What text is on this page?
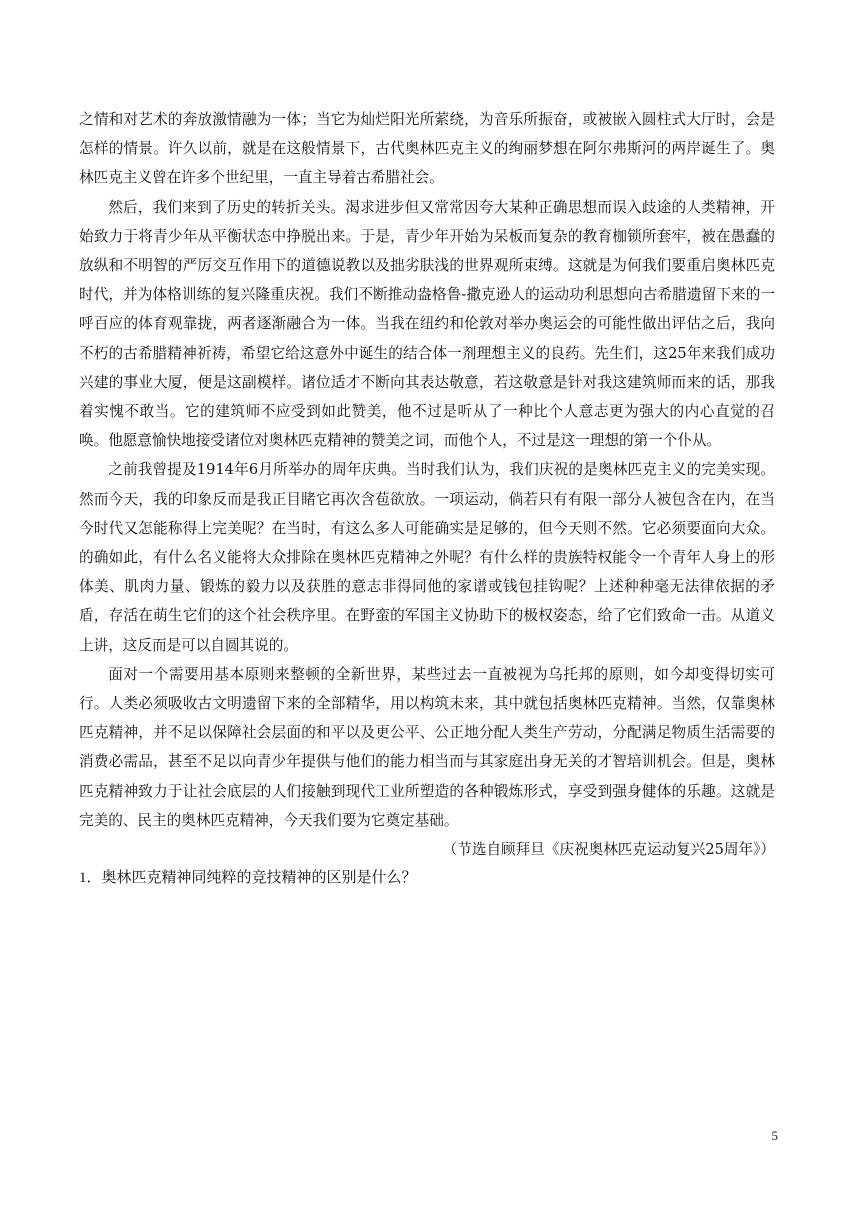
之情和对艺术的奔放激情融为一体；当它为灿烂阳光所萦绕，为音乐所振奋，或被嵌入圆柱式大厅时，会是怎样的情景。许久以前，就是在这般情景下，古代奥林匹克主义的绚丽梦想在阿尔弗斯河的两岸诞生了。奥林匹克主义曾在许多个世纪里，一直主导着古希腊社会。

然后，我们来到了历史的转折关头。渴求进步但又常常因夸大某种正确思想而误入歧途的人类精神，开始致力于将青少年从平衡状态中挣脱出来。于是，青少年开始为呆板而复杂的教育枷锁所套牢，被在愚蠢的放纵和不明智的严厉交互作用下的道德说教以及拙劣肤浅的世界观所束缚。这就是为何我们要重启奥林匹克时代，并为体格训练的复兴隆重庆祝。我们不断推动盎格鲁-撒克逊人的运动功利思想向古希腊遗留下来的一呼百应的体育观靠拢，两者逐渐融合为一体。当我在纽约和伦敦对举办奥运会的可能性做出评估之后，我向不朽的古希腊精神祈祷，希望它给这意外中诞生的结合体一剂理想主义的良药。先生们，这25年来我们成功兴建的事业大厦，便是这副模样。诸位适才不断向其表达敬意，若这敬意是针对我这建筑师而来的话，那我着实愧不敢当。它的建筑师不应受到如此赞美，他不过是听从了一种比个人意志更为强大的内心直觉的召唤。他愿意愉快地接受诸位对奥林匹克精神的赞美之词，而他个人，不过是这一理想的第一个仆从。

之前我曾提及1914年6月所举办的周年庆典。当时我们认为，我们庆祝的是奥林匹克主义的完美实现。然而今天，我的印象反而是我正目睹它再次含苞欲放。一项运动，倘若只有有限一部分人被包含在内，在当今时代又怎能称得上完美呢？在当时，有这么多人可能确实是足够的，但今天则不然。它必须要面向大众。的确如此，有什么名义能将大众排除在奥林匹克精神之外呢？有什么样的贵族特权能令一个青年人身上的形体美、肌肉力量、锻炼的毅力以及获胜的意志非得同他的家谱或钱包挂钩呢？上述种种毫无法律依据的矛盾，存活在萌生它们的这个社会秩序里。在野蛮的军国主义协助下的极权姿态，给了它们致命一击。从道义上讲，这反而是可以自圆其说的。

面对一个需要用基本原则来整顿的全新世界，某些过去一直被视为乌托邦的原则，如今却变得切实可行。人类必须吸收古文明遗留下来的全部精华，用以构筑未来，其中就包括奥林匹克精神。当然，仅靠奥林匹克精神，并不足以保障社会层面的和平以及更公平、公正地分配人类生产劳动，分配满足物质生活需要的消费必需品，甚至不足以向青少年提供与他们的能力相当而与其家庭出身无关的才智培训机会。但是，奥林匹克精神致力于让社会底层的人们接触到现代工业所塑造的各种锻炼形式，享受到强身健体的乐趣。这就是完美的、民主的奥林匹克精神，今天我们要为它奠定基础。

（节选自顾拜旦《庆祝奥林匹克运动复兴25周年》）

1．奥林匹克精神同纯粹的竞技精神的区别是什么？

5
